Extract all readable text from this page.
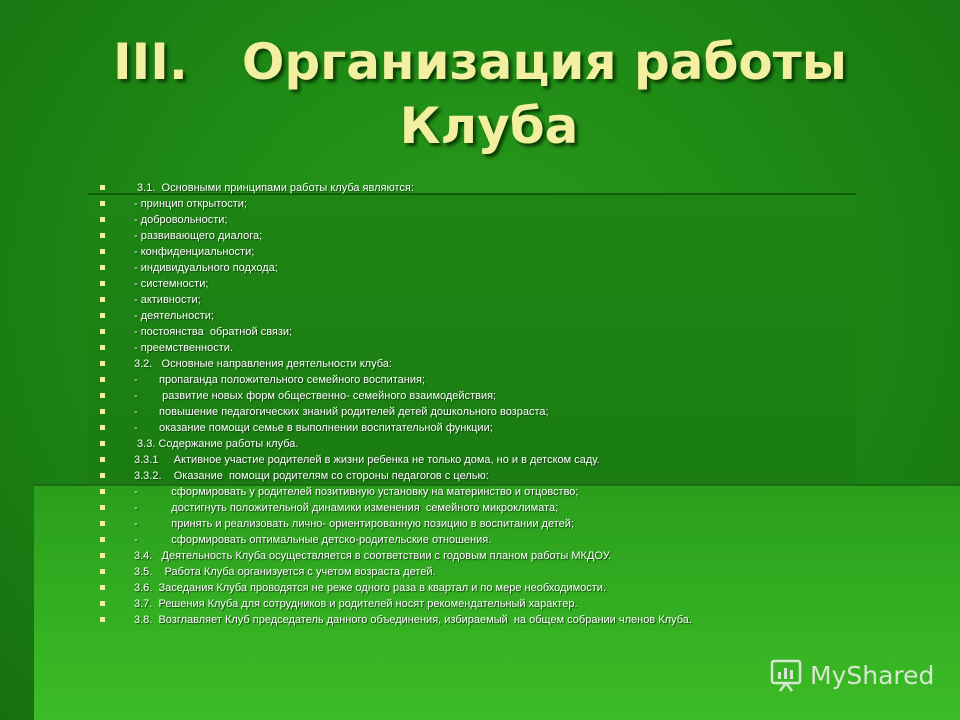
III. Организация работы
Клуба
3.1.  Основными принципами работы клуба являются:
- принцип открытости;
- добровольности;
- развивающего диалога;
- конфиденциальности;
- индивидуального подхода;
- системности;
- активности;
- деятельности;
- постоянства  обратной связи;
- преемственности.
3.2.   Основные направления деятельности клуба:
-       пропаганда положительного семейного воспитания;
-        развитие новых форм общественно- семейного взаимодействия;
-       повышение педагогических знаний родителей детей дошкольного возраста;
-       оказание помощи семье в выполнении воспитательной функции;
3.3. Содержание работы клуба.
3.3.1     Активное участие родителей в жизни ребенка не только дома, но и в детском саду.
3.3.2.    Оказание  помощи родителям со стороны педагогов с целью:
-           сформировать у родителей позитивную установку на материнство и отцовство;
-           достигнуть положительной динамики изменения  семейного микроклимата;
-           принять и реализовать лично- ориентированную позицию в воспитании детей;
-           сформировать оптимальные детско-родительские отношения.
3.4.   Деятельность Клуба осуществляется в соответствии с годовым планом работы МКДОУ.
3.5.    Работа Клуба организуется с учетом возраста детей.
3.6.  Заседания Клуба проводятся не реже одного раза в квартал и по мере необходимости.
3.7.  Решения Клуба для сотрудников и родителей носят рекомендательный характер.
3.8.  Возглавляет Клуб председатель данного объединения, избираемый  на общем собрании членов Клуба.
MyShared
